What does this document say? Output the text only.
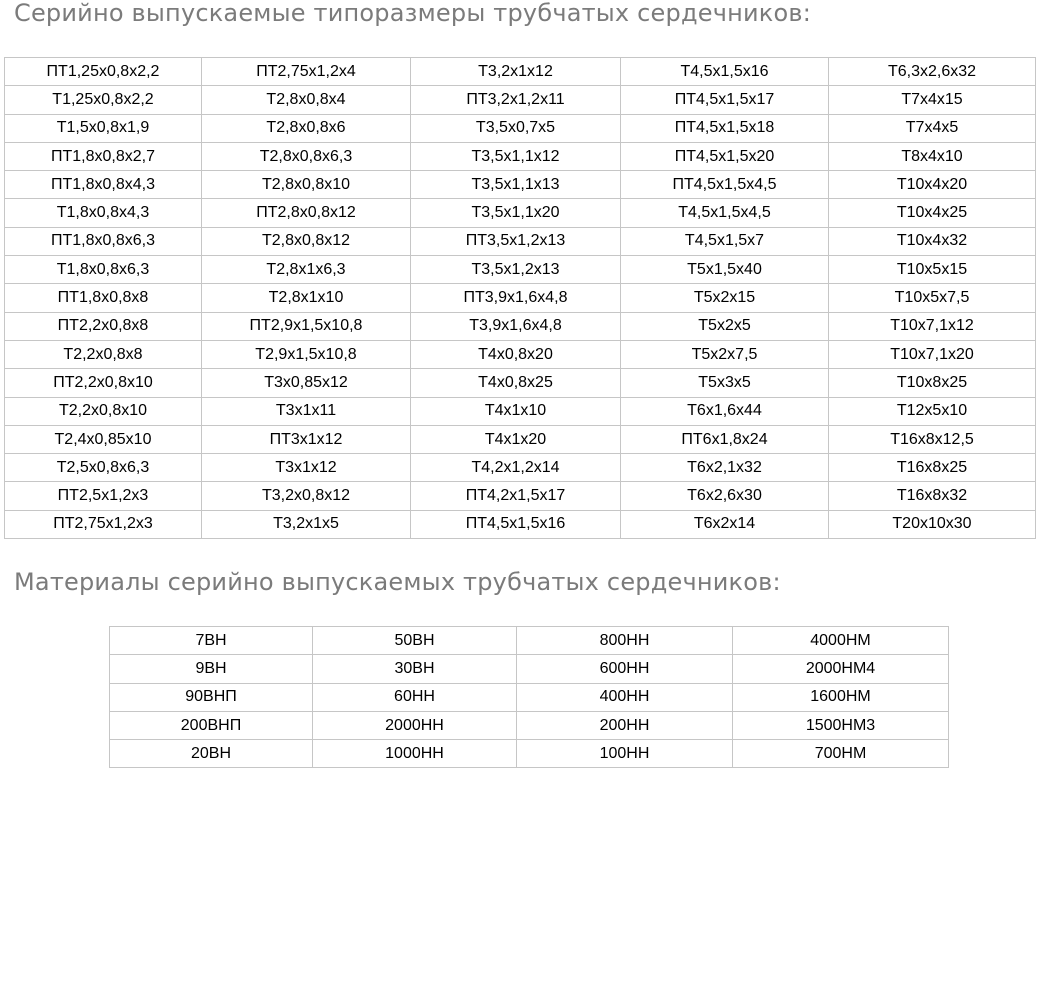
Серийно выпускаемые типоразмеры трубчатых сердечников:
ПТ1,25х0,8х2,2	ПТ2,75х1,2х4	Т3,2х1х12	Т4,5х1,5х16	Т6,3х2,6х32
Т1,25х0,8х2,2	Т2,8х0,8х4	ПТ3,2х1,2х11	ПТ4,5х1,5х17	Т7х4х15
Т1,5х0,8х1,9	Т2,8х0,8х6	Т3,5х0,7х5	ПТ4,5х1,5х18	Т7х4х5
ПТ1,8х0,8х2,7	Т2,8х0,8х6,3	Т3,5х1,1х12	ПТ4,5х1,5х20	Т8х4х10
ПТ1,8х0,8х4,3	Т2,8х0,8х10	Т3,5х1,1х13	ПТ4,5х1,5х4,5	Т10х4х20
Т1,8х0,8х4,3	ПТ2,8х0,8х12	Т3,5х1,1х20	Т4,5х1,5х4,5	Т10х4х25
ПТ1,8х0,8х6,3	Т2,8х0,8х12	ПТ3,5х1,2х13	Т4,5х1,5х7	Т10х4х32
Т1,8х0,8х6,3	Т2,8х1х6,3	Т3,5х1,2х13	Т5х1,5х40	Т10х5х15
ПТ1,8х0,8х8	Т2,8х1х10	ПТ3,9х1,6х4,8	Т5х2х15	Т10х5х7,5
ПТ2,2х0,8х8	ПТ2,9х1,5х10,8	Т3,9х1,6х4,8	Т5х2х5	Т10х7,1х12
Т2,2х0,8х8	Т2,9х1,5х10,8	Т4х0,8х20	Т5х2х7,5	Т10х7,1х20
ПТ2,2х0,8х10	Т3х0,85х12	Т4х0,8х25	Т5х3х5	Т10х8х25
Т2,2х0,8х10	Т3х1х11	Т4х1х10	Т6х1,6х44	Т12х5х10
Т2,4х0,85х10	ПТ3х1х12	Т4х1х20	ПТ6х1,8х24	Т16х8х12,5
Т2,5х0,8х6,3	Т3х1х12	Т4,2х1,2х14	Т6х2,1х32	Т16х8х25
ПТ2,5х1,2х3	Т3,2х0,8х12	ПТ4,2х1,5х17	Т6х2,6х30	Т16х8х32
ПТ2,75х1,2х3	Т3,2х1х5	ПТ4,5х1,5х16	Т6х2х14	Т20х10х30
Материалы серийно выпускаемых трубчатых сердечников:
7ВН	50ВН	800НН	4000НМ
9ВН	30ВН	600НН	2000НМ4
90ВНП	60НН	400НН	1600НМ
200ВНП	2000НН	200НН	1500НМ3
20ВН	1000НН	100НН	700НМ
